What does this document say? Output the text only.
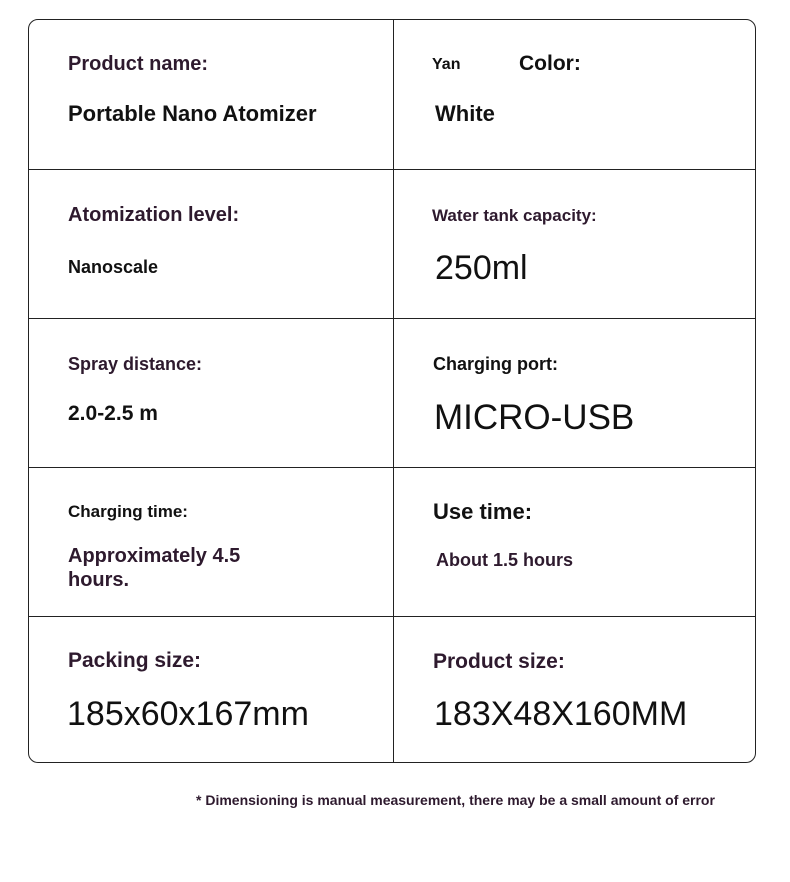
Product name:
Portable Nano Atomizer
Yan	Color:
White
Atomization level:
Nanoscale
Water tank capacity:
250ml
Spray distance:
2.0-2.5 m
Charging port:
MICRO-USB
Charging time:
Approximately 4.5
hours.
Use time:
About 1.5 hours
Packing size:
185x60x167mm
Product size:
183X48X160MM
* Dimensioning is manual measurement, there may be a small amount of error
